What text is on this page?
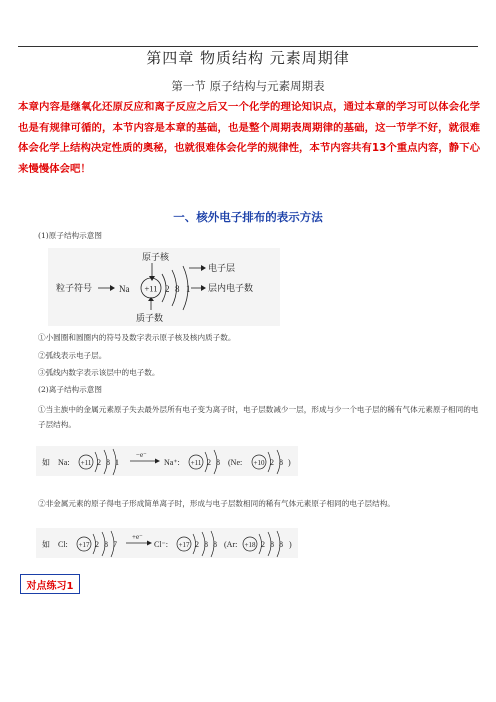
第四章 物质结构 元素周期律
第一节 原子结构与元素周期表
本章内容是继氧化还原反应和离子反应之后又一个化学的理论知识点，通过本章的学习可以体会化学也是有规律可循的，本节内容是本章的基础，也是整个周期表周期律的基础，这一节学不好，就很难体会化学上结构决定性质的奥秘，也就很难体会化学的规律性，本节内容共有13个重点内容，静下心来慢慢体会吧！
一、核外电子排布的表示方法
(1)原子结构示意图
原子核
粒子符号	Na +11 2 8 1
电子层
层内电子数
质子数
①小圆圈和圆圈内的符号及数字表示原子核及核内质子数。
②弧线表示电子层。
③弧线内数字表示该层中的电子数。
(2)离子结构示意图
①当主族中的金属元素原子失去最外层所有电子变为离子时，电子层数减少一层，形成与少一个电子层的稀有气体元素原子相同的电子层结构。
如 Na: +11 2 8 1
−e⁻
Na⁺: +11 2 8 (Ne: +10 2 8 )
②非金属元素的原子得电子形成简单离子时，形成与电子层数相同的稀有气体元素原子相同的电子层结构。
如 Cl: +17 2 8 7
+e⁻
Cl⁻: +17 2 8 8 (Ar: +18 2 8 8 )
对点练习1
